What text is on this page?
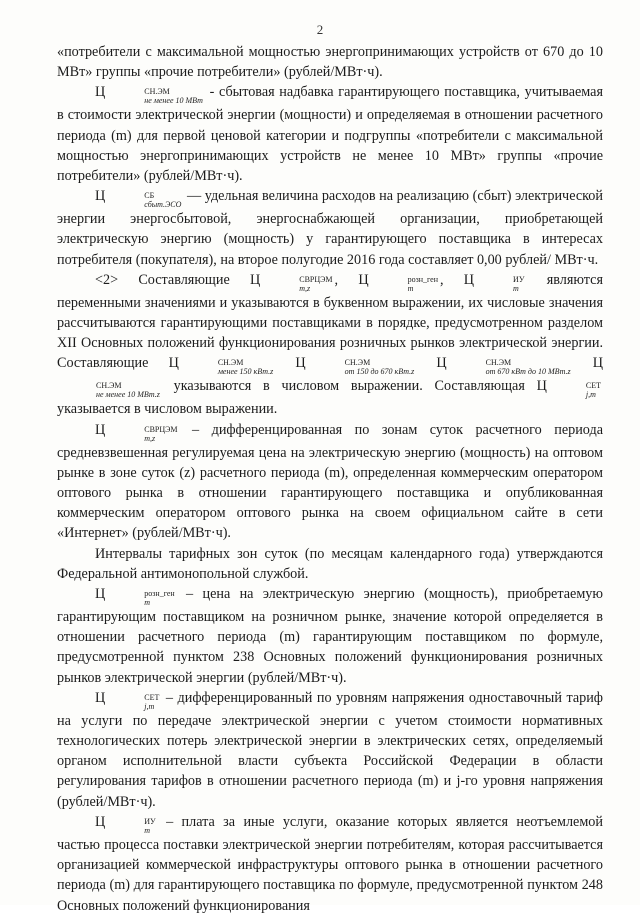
2

«потребители с максимальной мощностью энергопринимающих устройств от 670 до 10 МВт» группы «прочие потребители» (рублей/МВт·ч).

Ц	СН.ЭМ
не менее 10 МВт
- сбытовая надбавка гарантирующего поставщика, учитываемая в стоимости электрической энергии (мощности) и определяемая в отношении расчетного периода (m) для первой ценовой категории и подгруппы «потребители с максимальной мощностью энергопринимающих устройств не менее 10 МВт» группы «прочие потребители» (рублей/МВт·ч).

Ц	СБ
сбыт.ЭСО
— удельная величина расходов на реализацию (сбыт) электрической энергии энергосбытовой, энергоснабжающей организации, приобретающей электрическую энергию (мощность) у гарантирующего поставщика в интересах потребителя (покупателя), на второе полугодие 2016 года составляет 0,00 рублей/ МВт·ч.

<2> Составляющие Ц	СВРЦЭМ
m,z
, Ц	розн_ген
m
, Ц	ИУ
m
являются переменными значениями и указываются в буквенном выражении, их числовые значения рассчитываются гарантирующими поставщиками в порядке, предусмотренном разделом XII Основных положений функционирования розничных рынков электрической энергии. Составляющие Ц	СН.ЭМ
менее 150 кВт.z
Ц	СН.ЭМ
от 150 до 670 кВт.z
Ц	СН.ЭМ
от 670 кВт до 10 МВт.z
Ц
СН.ЭМ
не менее 10 МВт.z
указываются в числовом выражении. Составляющая Ц	СЕТ
j,m
указывается в числовом выражении.

Ц	СВРЦЭМ
m,z
– дифференцированная по зонам суток расчетного периода средневзвешенная регулируемая цена на электрическую энергию (мощность) на оптовом рынке в зоне суток (z) расчетного периода (m), определенная коммерческим оператором оптового рынка в отношении гарантирующего поставщика и опубликованная коммерческим оператором оптового рынка на своем официальном сайте в сети «Интернет» (рублей/МВт·ч).

Интервалы тарифных зон суток (по месяцам календарного года) утверждаются Федеральной антимонопольной службой.

Ц	розн_ген
m
– цена на электрическую энергию (мощность), приобретаемую гарантирующим поставщиком на розничном рынке, значение которой определяется в отношении расчетного периода (m) гарантирующим поставщиком по формуле, предусмотренной пунктом 238 Основных положений функционирования розничных рынков электрической энергии (рублей/МВт·ч).

Ц	СЕТ
j,m
– дифференцированный по уровням напряжения одноставочный тариф на услуги по передаче электрической энергии с учетом стоимости нормативных технологических потерь электрической энергии в электрических сетях, определяемый органом исполнительной власти субъекта Российской Федерации в области регулирования тарифов в отношении расчетного периода (m) и j-го уровня напряжения (рублей/МВт·ч).

Ц	ИУ
m
– плата за иные услуги, оказание которых является неотъемлемой частью процесса поставки электрической энергии потребителям, которая рассчитывается организацией коммерческой инфраструктуры оптового рынка в отношении расчетного периода (m) для гарантирующего поставщика по формуле, предусмотренной пунктом 248 Основных положений функционирования
